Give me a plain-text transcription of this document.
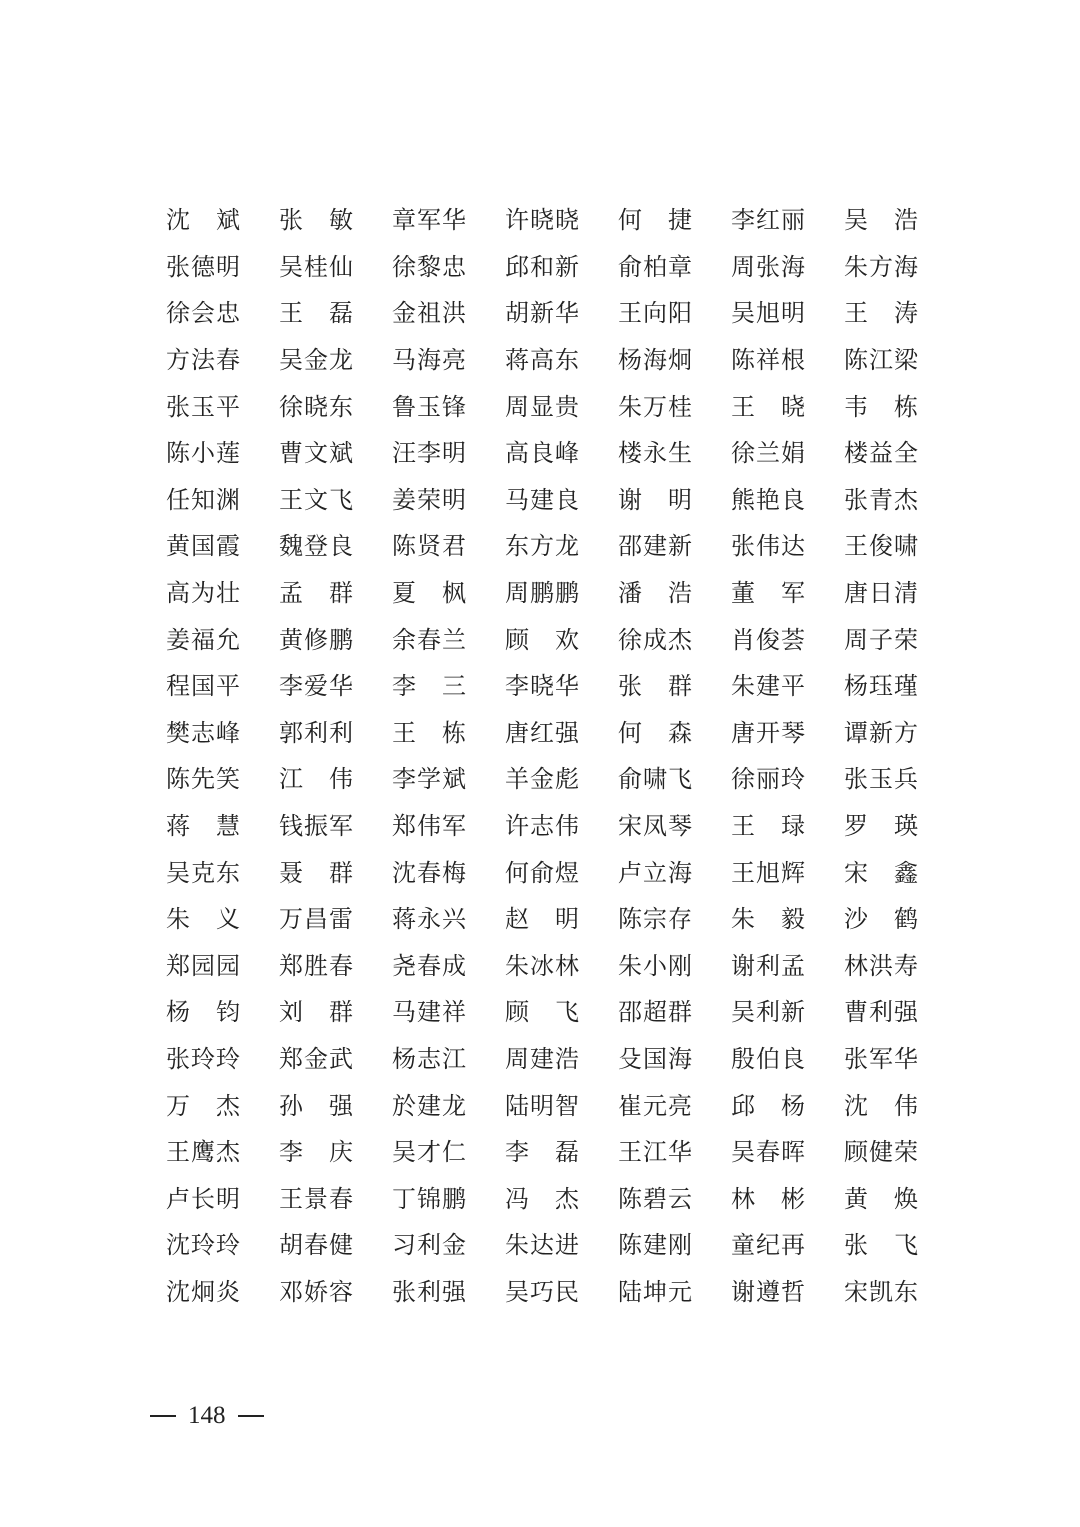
沈　斌	张　敏	章军华	许晓晓	何　捷	李红丽	吴　浩
张德明	吴桂仙	徐黎忠	邱和新	俞柏章	周张海	朱方海
徐会忠	王　磊	金祖洪	胡新华	王向阳	吴旭明	王　涛
方法春	吴金龙	马海亮	蒋高东	杨海炯	陈祥根	陈江梁
张玉平	徐晓东	鲁玉锋	周显贵	朱万桂	王　晓	韦　栋
陈小莲	曹文斌	汪李明	高良峰	楼永生	徐兰娟	楼益全
任知渊	王文飞	姜荣明	马建良	谢　明	熊艳良	张青杰
黄国霞	魏登良	陈贤君	东方龙	邵建新	张伟达	王俊啸
高为壮	孟　群	夏　枫	周鹏鹏	潘　浩	董　军	唐日清
姜福允	黄修鹏	余春兰	顾　欢	徐成杰	肖俊荟	周子荣
程国平	李爱华	李　三	李晓华	张　群	朱建平	杨珏瑾
樊志峰	郭利利	王　栋	唐红强	何　森	唐开琴	谭新方
陈先笑	江　伟	李学斌	羊金彪	俞啸飞	徐丽玲	张玉兵
蒋　慧	钱振军	郑伟军	许志伟	宋凤琴	王　琭	罗　瑛
吴克东	聂　群	沈春梅	何俞煜	卢立海	王旭辉	宋　鑫
朱　义	万昌雷	蒋永兴	赵　明	陈宗存	朱　毅	沙　鹤
郑园园	郑胜春	尧春成	朱冰林	朱小刚	谢利孟	林洪寿
杨　钧	刘　群	马建祥	顾　飞	邵超群	吴利新	曹利强
张玲玲	郑金武	杨志江	周建浩	殳国海	殷伯良	张军华
万　杰	孙　强	於建龙	陆明智	崔元亮	邱　杨	沈　伟
王鹰杰	李　庆	吴才仁	李　磊	王江华	吴春晖	顾健荣
卢长明	王景春	丁锦鹏	冯　杰	陈碧云	林　彬	黄　焕
沈玲玲	胡春健	习利金	朱达进	陈建刚	童纪再	张　飞
沈炯炎	邓娇容	张利强	吴巧民	陆坤元	谢遵哲	宋凯东
148
